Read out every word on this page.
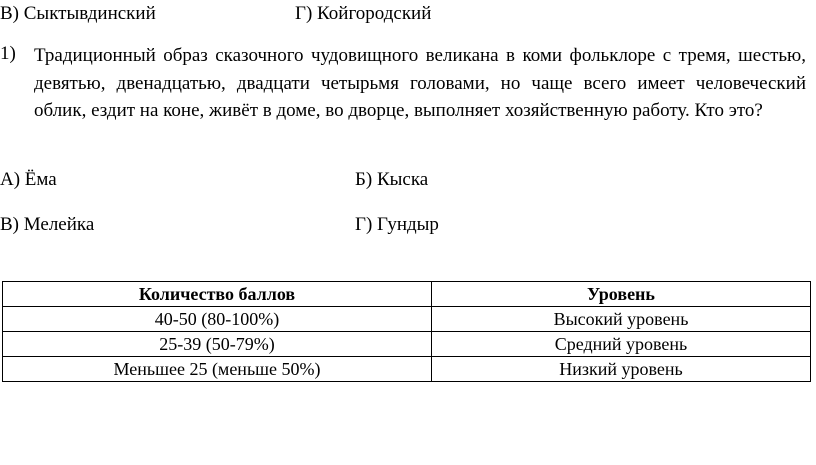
В) Сыктывдинский	Г) Койгородский
1) Традиционный образ сказочного чудовищного великана в коми фольклоре с тремя, шестью, девятью, двенадцатью, двадцати четырьмя головами, но чаще всего имеет человеческий облик, ездит на коне, живёт в доме, во дворце, выполняет хозяйственную работу. Кто это?
А) Ёма	Б) Кыска
В) Мелейка	Г) Гундыр
Количество баллов	Уровень
40-50 (80-100%)	Высокий уровень
25-39 (50-79%)	Средний уровень
Меньшее 25 (меньше 50%)	Низкий уровень
